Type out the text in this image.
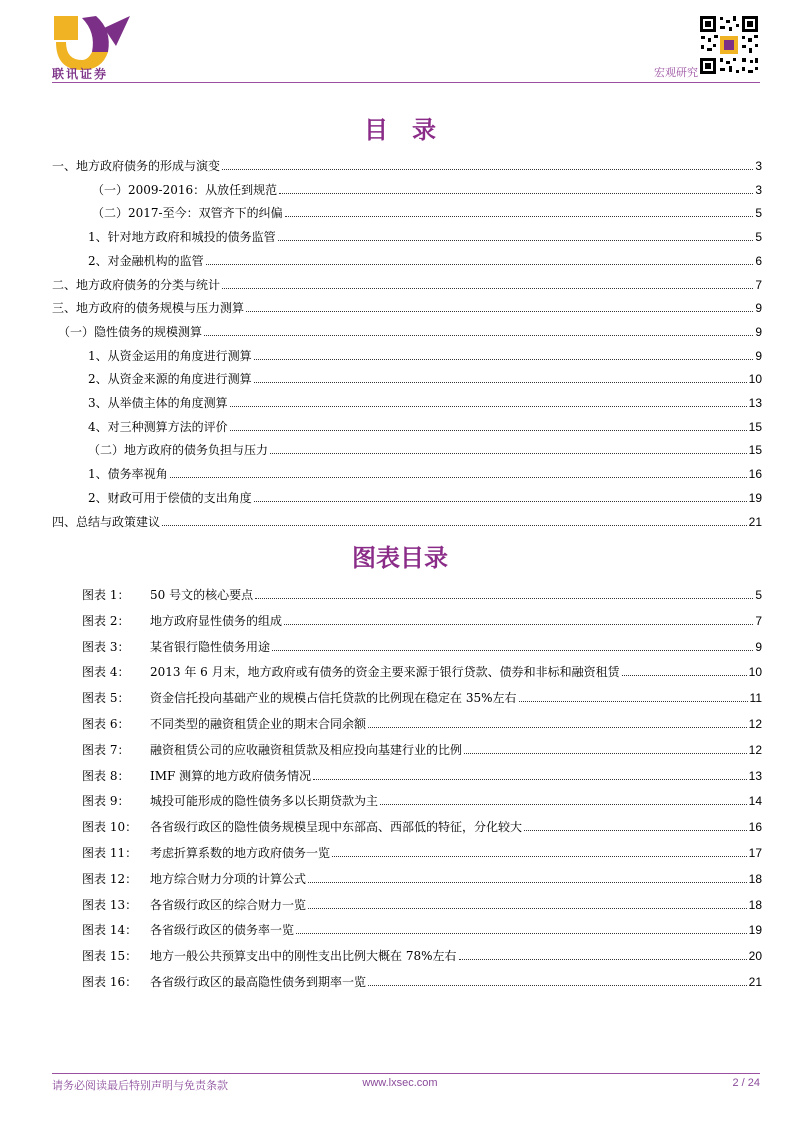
联讯证券	宏观研究
目　录
一、地方政府债务的形成与演变	3
（一）2009-2016：从放任到规范	3
（二）2017-至今：双管齐下的纠偏	5
1、针对地方政府和城投的债务监管	5
2、对金融机构的监管	6
二、地方政府债务的分类与统计	7
三、地方政府的债务规模与压力测算	9
（一）隐性债务的规模测算	9
1、从资金运用的角度进行测算	9
2、从资金来源的角度进行测算	10
3、从举债主体的角度测算	13
4、对三种测算方法的评价	15
（二）地方政府的债务负担与压力	15
1、债务率视角	16
2、财政可用于偿债的支出角度	19
四、总结与政策建议	21
图表目录
图表 1： 50 号文的核心要点	5
图表 2： 地方政府显性债务的组成	7
图表 3： 某省银行隐性债务用途	9
图表 4： 2013 年 6 月末，地方政府或有债务的资金主要来源于银行贷款、债券和非标和融资租赁	10
图表 5： 资金信托投向基础产业的规模占信托贷款的比例现在稳定在 35%左右	11
图表 6： 不同类型的融资租赁企业的期末合同余额	12
图表 7： 融资租赁公司的应收融资租赁款及相应投向基建行业的比例	12
图表 8： IMF 测算的地方政府债务情况	13
图表 9： 城投可能形成的隐性债务多以长期贷款为主	14
图表 10： 各省级行政区的隐性债务规模呈现中东部高、西部低的特征，分化较大	16
图表 11： 考虑折算系数的地方政府债务一览	17
图表 12： 地方综合财力分项的计算公式	18
图表 13： 各省级行政区的综合财力一览	18
图表 14： 各省级行政区的债务率一览	19
图表 15： 地方一般公共预算支出中的刚性支出比例大概在 78%左右	20
图表 16： 各省级行政区的最高隐性债务到期率一览	21
请务必阅读最后特别声明与免责条款	www.lxsec.com	2 / 24
